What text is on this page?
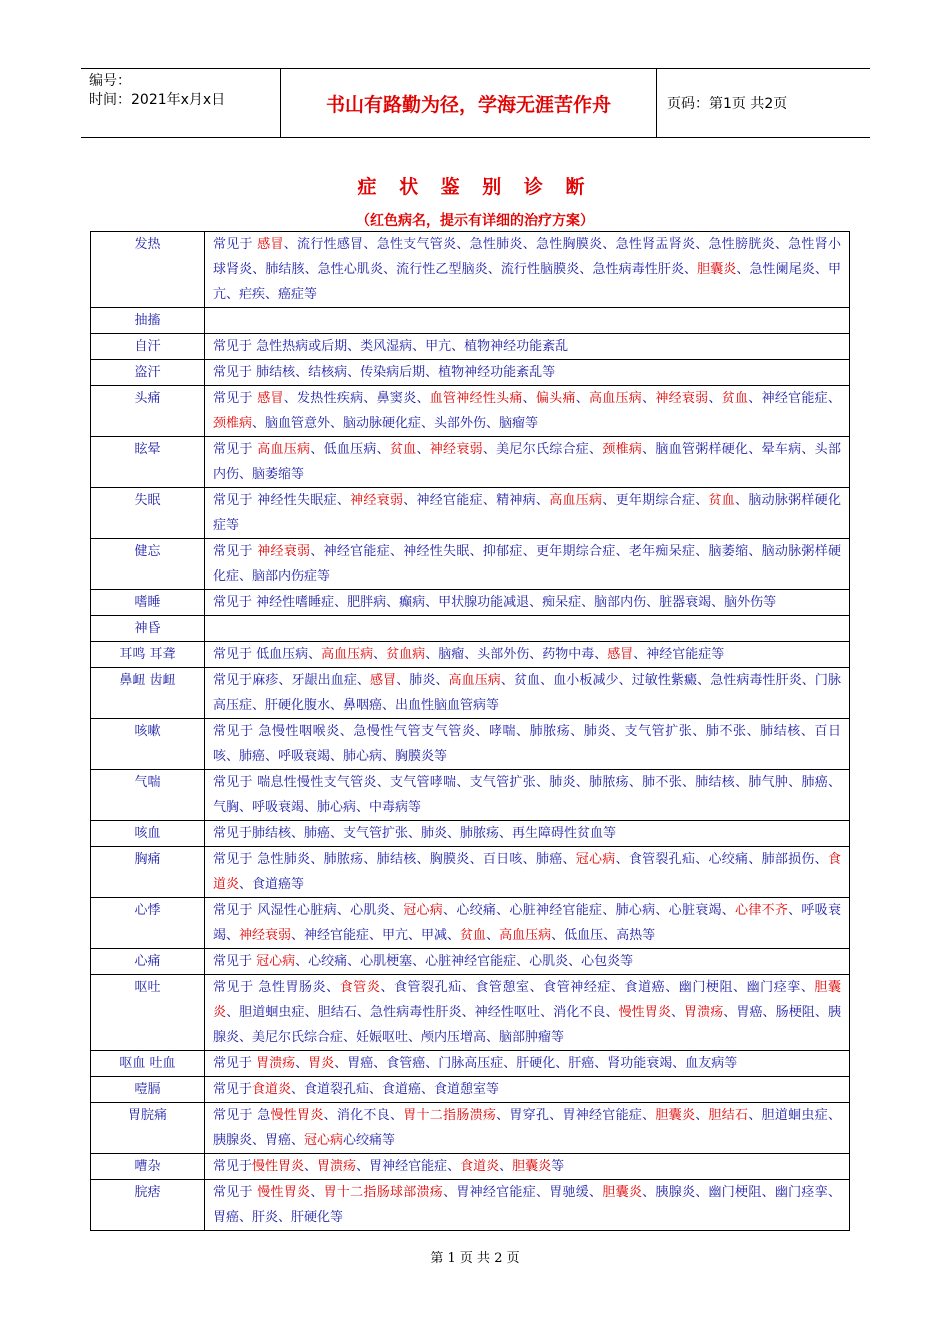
编号：
时间：2021年x月x日	书山有路勤为径，学海无涯苦作舟	页码：第1页 共2页
症 状 鉴 别 诊 断
（红色病名，提示有详细的治疗方案）
发热	常见于 感冒、流行性感冒、急性支气管炎、急性肺炎、急性胸膜炎、急性肾盂肾炎、急性膀胱炎、急性肾小球肾炎、肺结胲、急性心肌炎、流行性乙型脑炎、流行性脑膜炎、急性病毒性肝炎、胆囊炎、急性阑尾炎、甲亢、疟疾、癌症等
抽搐	
自汗	常见于 急性热病或后期、类风湿病、甲亢、植物神经功能紊乱
盗汗	常见于 肺结核、结核病、传染病后期、植物神经功能紊乱等
头痛	常见于 感冒、发热性疾病、鼻窦炎、血管神经性头痛、偏头痛、高血压病、神经衰弱、贫血、神经官能症、颈椎病、脑血管意外、脑动脉硬化症、头部外伤、脑瘤等
眩晕	常见于 高血压病、低血压病、贫血、神经衰弱、美尼尔氏综合症、颈椎病、脑血管粥样硬化、晕车病、头部内伤、脑萎缩等
失眠	常见于 神经性失眠症、神经衰弱、神经官能症、精神病、高血压病、更年期综合症、贫血、脑动脉粥样硬化症等
健忘	常见于 神经衰弱、神经官能症、神经性失眠、抑郁症、更年期综合症、老年痴呆症、脑萎缩、脑动脉粥样硬化症、脑部内伤症等
嗜睡	常见于 神经性嗜睡症、肥胖病、癫病、甲状腺功能减退、痴呆症、脑部内伤、脏器衰竭、脑外伤等
神昏	
耳鸣 耳聋	常见于 低血压病、高血压病、贫血病、脑瘤、头部外伤、药物中毒、感冒、神经官能症等
鼻衄 齿衄	常见于麻疹、牙龈出血症、感冒、肺炎、高血压病、贫血、血小板减少、过敏性紫癜、急性病毒性肝炎、门脉高压症、肝硬化腹水、鼻咽癌、出血性脑血管病等
咳嗽	常见于 急慢性咽喉炎、急慢性气管支气管炎、哮喘、肺脓疡、肺炎、支气管扩张、肺不张、肺结核、百日咳、肺癌、呼吸衰竭、肺心病、胸膜炎等
气喘	常见于 喘息性慢性支气管炎、支气管哮喘、支气管扩张、肺炎、肺脓疡、肺不张、肺结核、肺气肿、肺癌、气胸、呼吸衰竭、肺心病、中毒病等
咳血	常见于肺结核、肺癌、支气管扩张、肺炎、肺脓疡、再生障碍性贫血等
胸痛	常见于 急性肺炎、肺脓疡、肺结核、胸膜炎、百日咳、肺癌、冠心病、食管裂孔疝、心绞痛、肺部损伤、食道炎、食道癌等
心悸	常见于 风湿性心脏病、心肌炎、冠心病、心绞痛、心脏神经官能症、肺心病、心脏衰竭、心律不齐、呼吸衰竭、神经衰弱、神经官能症、甲亢、甲减、贫血、高血压病、低血压、高热等
心痛	常见于 冠心病、心绞痛、心肌梗塞、心脏神经官能症、心肌炎、心包炎等
呕吐	常见于 急性胃肠炎、食管炎、食管裂孔疝、食管憩室、食管神经症、食道癌、幽门梗阻、幽门痉挛、胆囊炎、胆道蛔虫症、胆结石、急性病毒性肝炎、神经性呕吐、消化不良、慢性胃炎、胃溃疡、胃癌、肠梗阻、胰腺炎、美尼尔氏综合症、妊娠呕吐、颅内压增高、脑部肿瘤等
呕血 吐血	常见于 胃溃疡、胃炎、胃癌、食管癌、门脉高压症、肝硬化、肝癌、肾功能衰竭、血友病等
噎膈	常见于食道炎、食道裂孔疝、食道癌、食道憩室等
胃脘痛	常见于 急慢性胃炎、消化不良、胃十二指肠溃疡、胃穿孔、胃神经官能症、胆囊炎、胆结石、胆道蛔虫症、胰腺炎、胃癌、冠心病心绞痛等
嘈杂	常见于慢性胃炎、胃溃疡、胃神经官能症、食道炎、胆囊炎等
脘痞	常见于 慢性胃炎、胃十二指肠球部溃疡、胃神经官能症、胃驰缓、胆囊炎、胰腺炎、幽门梗阻、幽门痉挛、胃癌、肝炎、肝硬化等
第 1 页 共 2 页
